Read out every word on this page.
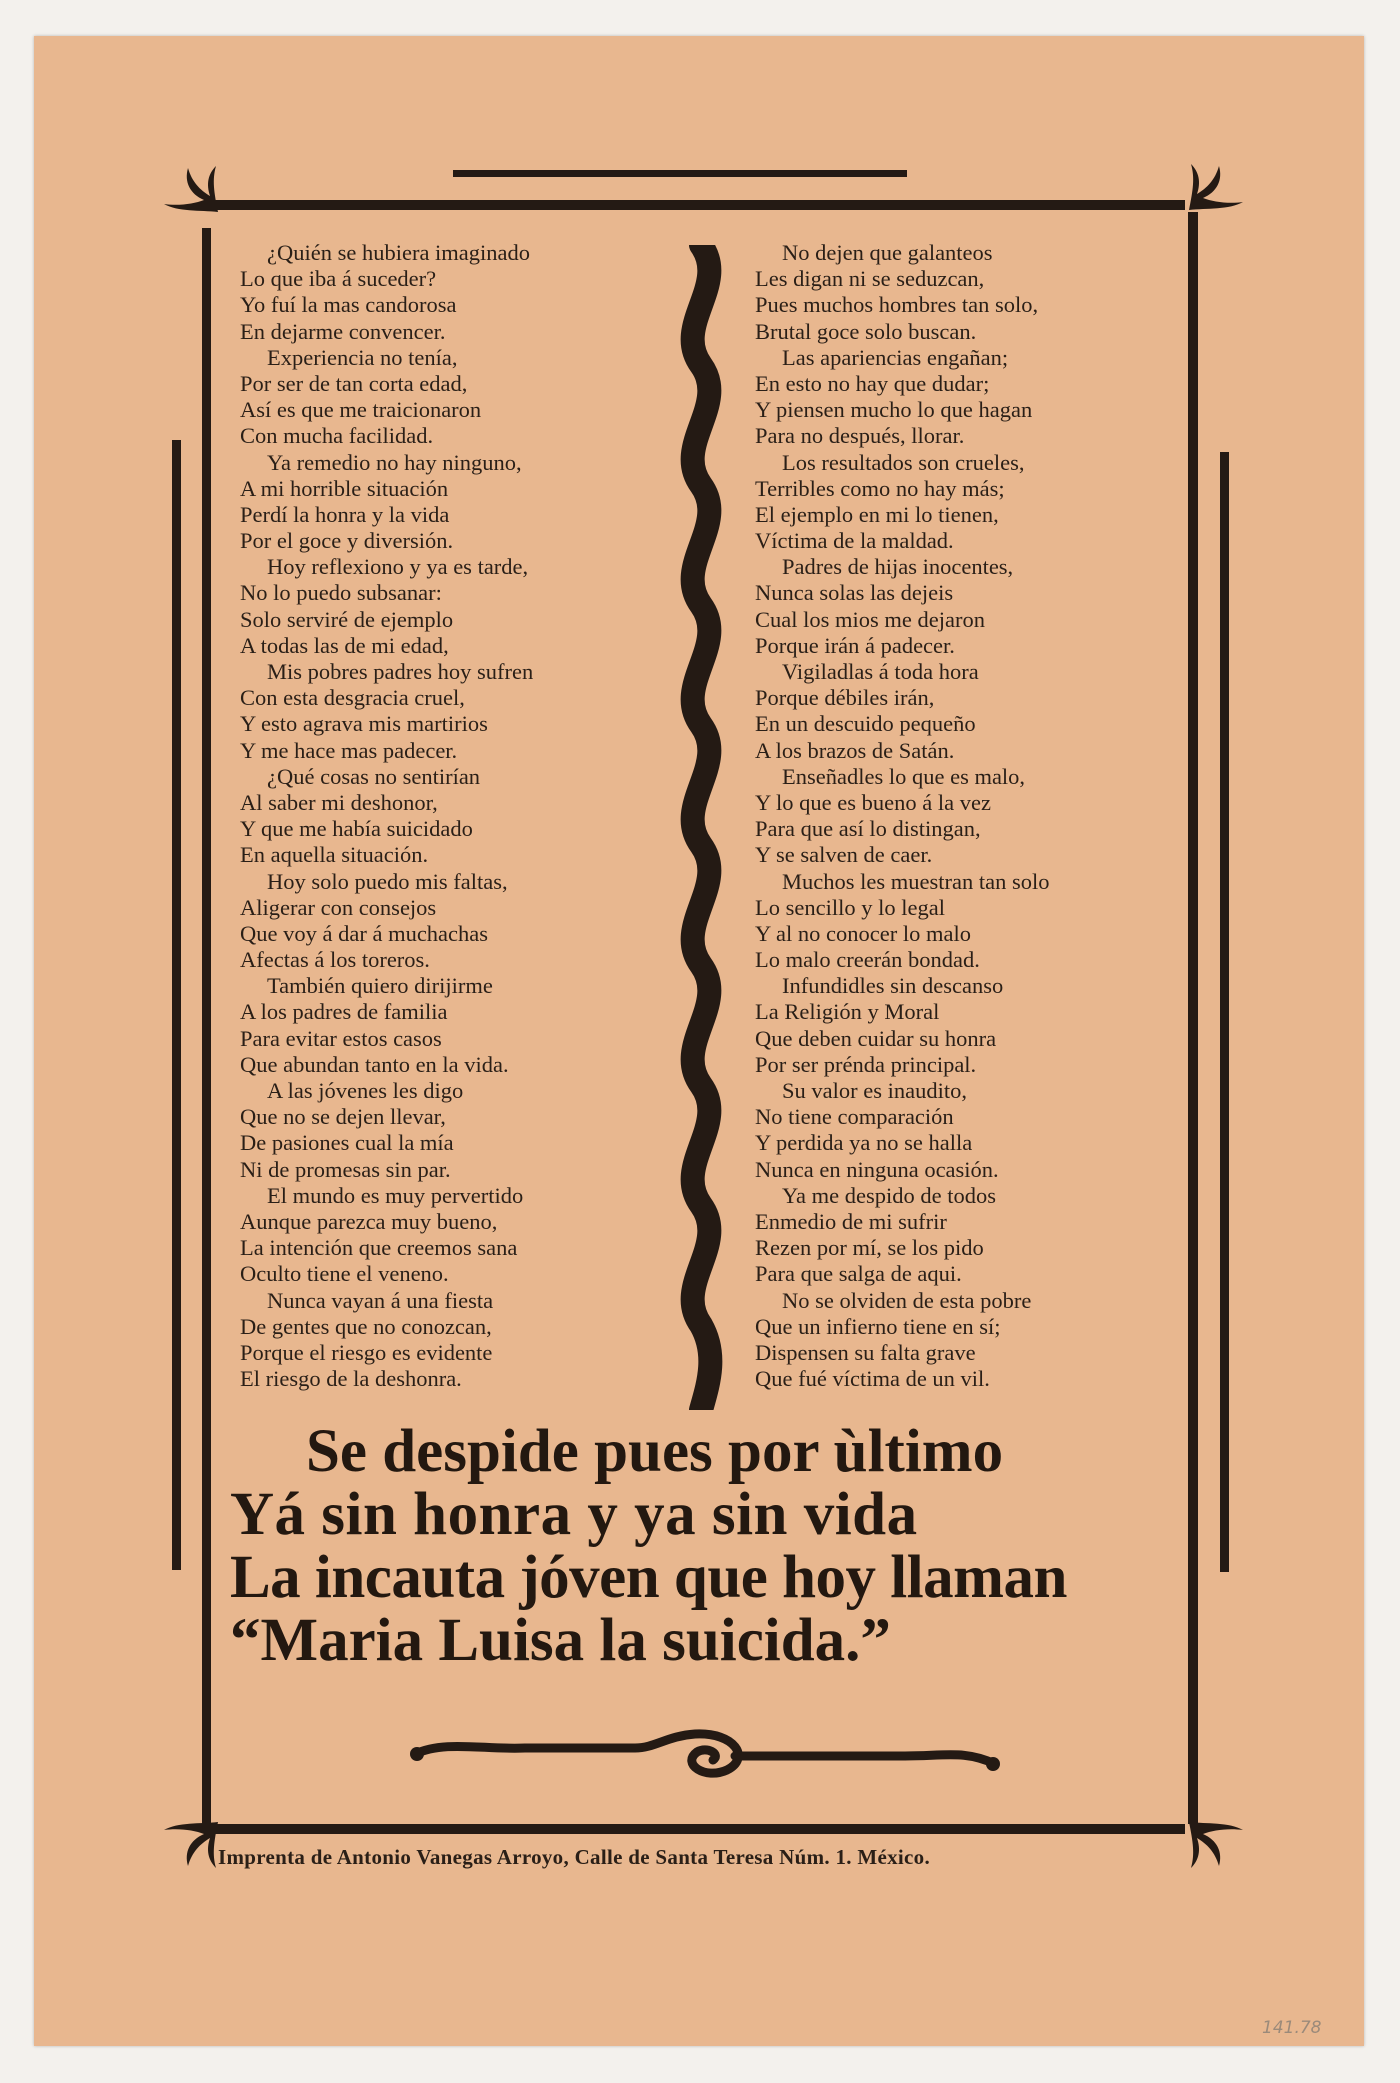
¿Quién se hubiera imaginado
Lo que iba á suceder?
Yo fuí la mas candorosa
En dejarme convencer.
Experiencia no tenía,
Por ser de tan corta edad,
Así es que me traicionaron
Con mucha facilidad.
Ya remedio no hay ninguno,
A mi horrible situación
Perdí la honra y la vida
Por el goce y diversión.
Hoy reflexiono y ya es tarde,
No lo puedo subsanar:
Solo serviré de ejemplo
A todas las de mi edad,
Mis pobres padres hoy sufren
Con esta desgracia cruel,
Y esto agrava mis martirios
Y me hace mas padecer.
¿Qué cosas no sentirían
Al saber mi deshonor,
Y que me había suicidado
En aquella situación.
Hoy solo puedo mis faltas,
Aligerar con consejos
Que voy á dar á muchachas
Afectas á los toreros.
También quiero dirijirme
A los padres de familia
Para evitar estos casos
Que abundan tanto en la vida.
A las jóvenes les digo
Que no se dejen llevar,
De pasiones cual la mía
Ni de promesas sin par.
El mundo es muy pervertido
Aunque parezca muy bueno,
La intención que creemos sana
Oculto tiene el veneno.
Nunca vayan á una fiesta
De gentes que no conozcan,
Porque el riesgo es evidente
El riesgo de la deshonra.
No dejen que galanteos
Les digan ni se seduzcan,
Pues muchos hombres tan solo,
Brutal goce solo buscan.
Las apariencias engañan;
En esto no hay que dudar;
Y piensen mucho lo que hagan
Para no después, llorar.
Los resultados son crueles,
Terribles como no hay más;
El ejemplo en mi lo tienen,
Víctima de la maldad.
Padres de hijas inocentes,
Nunca solas las dejeis
Cual los mios me dejaron
Porque irán á padecer.
Vigiladlas á toda hora
Porque débiles irán,
En un descuido pequeño
A los brazos de Satán.
Enseñadles lo que es malo,
Y lo que es bueno á la vez
Para que así lo distingan,
Y se salven de caer.
Muchos les muestran tan solo
Lo sencillo y lo legal
Y al no conocer lo malo
Lo malo creerán bondad.
Infundidles sin descanso
La Religión y Moral
Que deben cuidar su honra
Por ser prénda principal.
Su valor es inaudito,
No tiene comparación
Y perdida ya no se halla
Nunca en ninguna ocasión.
Ya me despido de todos
Enmedio de mi sufrir
Rezen por mí, se los pido
Para que salga de aqui.
No se olviden de esta pobre
Que un infierno tiene en sí;
Dispensen su falta grave
Que fué víctima de un vil.
Se despide pues por ùltimo
Yá sin honra y ya sin vida
La incauta jóven que hoy llaman
“Maria Luisa la suicida.”
Imprenta de Antonio Vanegas Arroyo, Calle de Santa Teresa Núm. 1. México.
141.78
